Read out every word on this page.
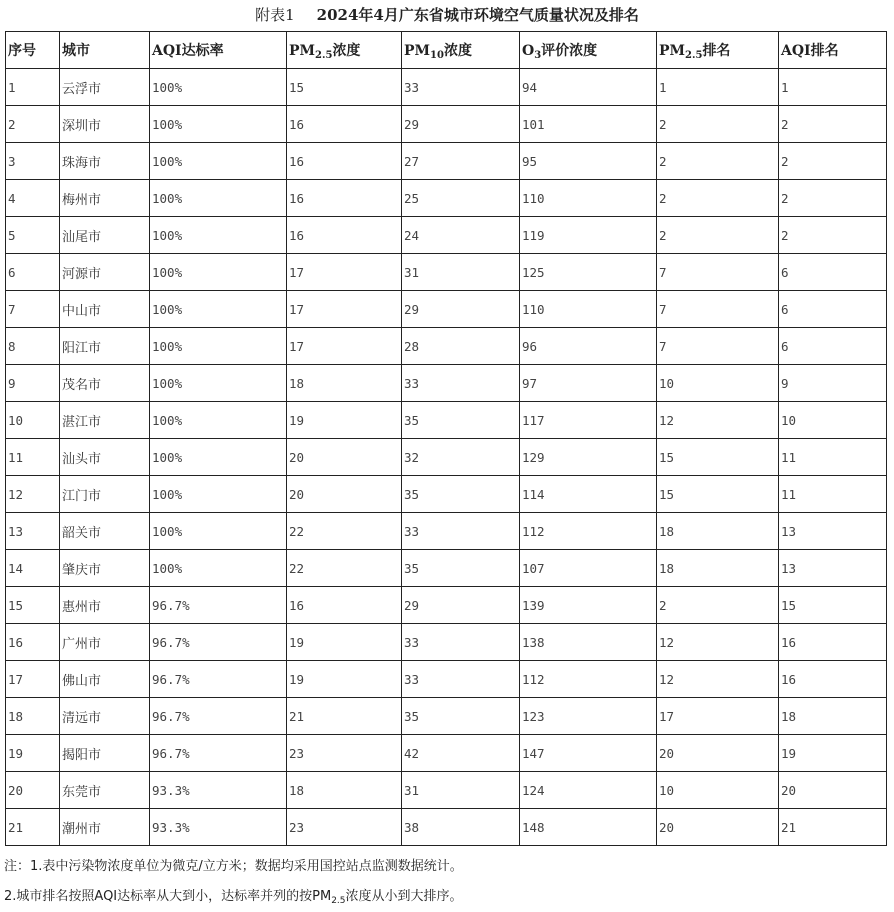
附表1 2024年4月广东省城市环境空气质量状况及排名
序号	城市	AQI达标率	$PM_{2.5}$浓度	$PM_{10}$浓度	$O_3$评价浓度	$PM_{2.5}$排名	AQI排名
1	云浮市	100%	15	33	94	1	1
2	深圳市	100%	16	29	101	2	2
3	珠海市	100%	16	27	95	2	2
4	梅州市	100%	16	25	110	2	2
5	汕尾市	100%	16	24	119	2	2
6	河源市	100%	17	31	125	7	6
7	中山市	100%	17	29	110	7	6
8	阳江市	100%	17	28	96	7	6
9	茂名市	100%	18	33	97	10	9
10	湛江市	100%	19	35	117	12	10
11	汕头市	100%	20	32	129	15	11
12	江门市	100%	20	35	114	15	11
13	韶关市	100%	22	33	112	18	13
14	肇庆市	100%	22	35	107	18	13
15	惠州市	96.7%	16	29	139	2	15
16	广州市	96.7%	19	33	138	12	16
17	佛山市	96.7%	19	33	112	12	16
18	清远市	96.7%	21	35	123	17	18
19	揭阳市	96.7%	23	42	147	20	19
20	东莞市	93.3%	18	31	124	10	20
21	潮州市	93.3%	23	38	148	20	21
注：1.表中污染物浓度单位为微克/立方米；数据均采用国控站点监测数据统计。
2.城市排名按照AQI达标率从大到小，达标率并列的按$PM_{2.5}$浓度从小到大排序。
